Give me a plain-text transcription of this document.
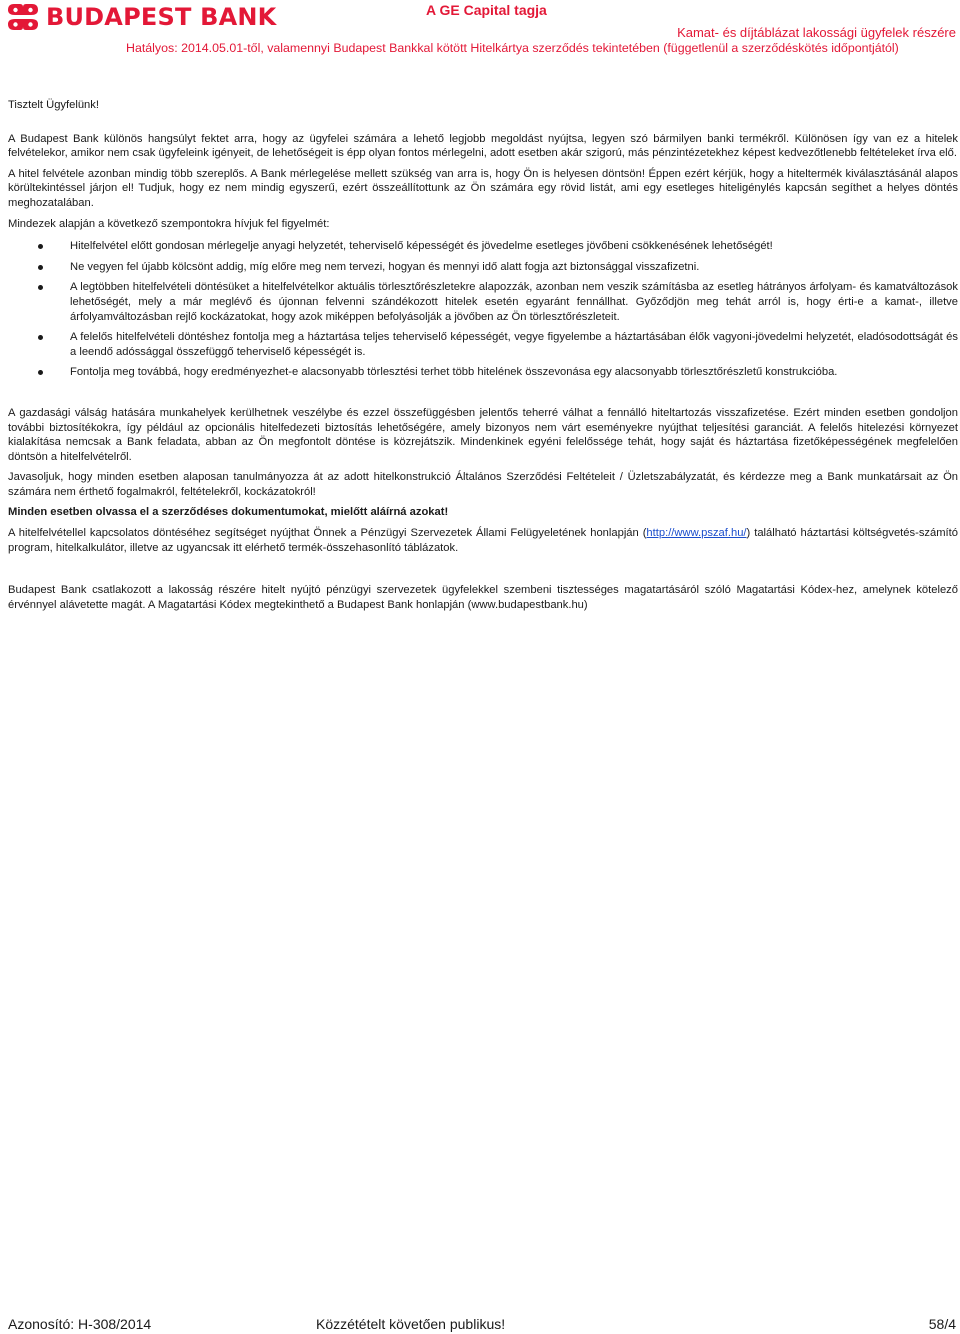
BUDAPEST BANK	A GE Capital tagja
Kamat- és díjtáblázat lakossági ügyfelek részére
Hatályos: 2014.05.01-től, valamennyi Budapest Bankkal kötött Hitelkártya szerződés tekintetében (függetlenül a szerződéskötés időpontjától)

Tisztelt Ügyfelünk!

A Budapest Bank különös hangsúlyt fektet arra, hogy az ügyfelei számára a lehető legjobb megoldást nyújtsa, legyen szó bármilyen banki termékről. Különösen így van ez a hitelek felvételekor, amikor nem csak ügyfeleink igényeit, de lehetőségeit is épp olyan fontos mérlegelni, adott esetben akár szigorú, más pénzintézetekhez képest kedvezőtlenebb feltételeket írva elő.

A hitel felvétele azonban mindig több szereplős. A Bank mérlegelése mellett szükség van arra is, hogy Ön is helyesen döntsön! Éppen ezért kérjük, hogy a hiteltermék kiválasztásánál alapos körültekintéssel járjon el! Tudjuk, hogy ez nem mindig egyszerű, ezért összeállítottunk az Ön számára egy rövid listát, ami egy esetleges hiteligénylés kapcsán segíthet a helyes döntés meghozatalában.

Mindezek alapján a következő szempontokra hívjuk fel figyelmét:

Hitelfelvétel előtt gondosan mérlegelje anyagi helyzetét, teherviselő képességét és jövedelme esetleges jövőbeni csökkenésének lehetőségét!
Ne vegyen fel újabb kölcsönt addig, míg előre meg nem tervezi, hogyan és mennyi idő alatt fogja azt biztonsággal visszafizetni.
A legtöbben hitelfelvételi döntésüket a hitelfelvételkor aktuális törlesztőrészletekre alapozzák, azonban nem veszik számításba az esetleg hátrányos árfolyam- és kamatváltozások lehetőségét, mely a már meglévő és újonnan felvenni szándékozott hitelek esetén egyaránt fennállhat. Győződjön meg tehát arról is, hogy érti-e a kamat-, illetve árfolyamváltozásban rejlő kockázatokat, hogy azok miképpen befolyásolják a jövőben az Ön törlesztőrészleteit.
A felelős hitelfelvételi döntéshez fontolja meg a háztartása teljes teherviselő képességét, vegye figyelembe a háztartásában élők vagyoni-jövedelmi helyzetét, eladósodottságát és a leendő adóssággal összefüggő teherviselő képességét is.
Fontolja meg továbbá, hogy eredményezhet-e alacsonyabb törlesztési terhet több hitelének összevonása egy alacsonyabb törlesztőrészletű konstrukcióba.

A gazdasági válság hatására munkahelyek kerülhetnek veszélybe és ezzel összefüggésben jelentős teherré válhat a fennálló hiteltartozás visszafizetése. Ezért minden esetben gondoljon további biztosítékokra, így például az opcionális hitelfedezeti biztosítás lehetőségére, amely bizonyos nem várt eseményekre nyújthat teljesítési garanciát. A felelős hitelezési környezet kialakítása nemcsak a Bank feladata, abban az Ön megfontolt döntése is közrejátszik. Mindenkinek egyéni felelőssége tehát, hogy saját és háztartása fizetőképességének megfelelően döntsön a hitelfelvételről.

Javasoljuk, hogy minden esetben alaposan tanulmányozza át az adott hitelkonstrukció Általános Szerződési Feltételeit / Üzletszabályzatát, és kérdezze meg a Bank munkatársait az Ön számára nem érthető fogalmakról, feltételekről, kockázatokról!

Minden esetben olvassa el a szerződéses dokumentumokat, mielőtt aláírná azokat!

A hitelfelvétellel kapcsolatos döntéséhez segítséget nyújthat Önnek a Pénzügyi Szervezetek Állami Felügyeletének honlapján (http://www.pszaf.hu/) található háztartási költségvetés-számító program, hitelkalkulátor, illetve az ugyancsak itt elérhető termék-összehasonlító táblázatok.

Budapest Bank csatlakozott a lakosság részére hitelt nyújtó pénzügyi szervezetek ügyfelekkel szembeni tisztességes magatartásáról szóló Magatartási Kódex-hez, amelynek kötelező érvénnyel alávetette magát. A Magatartási Kódex megtekinthető a Budapest Bank honlapján (www.budapestbank.hu)

Azonosító: H-308/2014	Közzétételt követően publikus!	58/4
